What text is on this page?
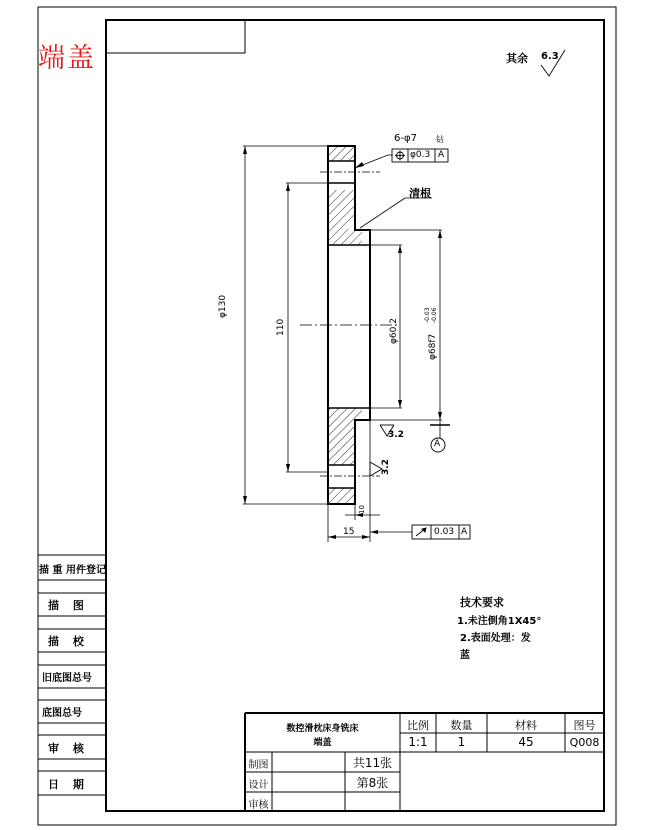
端盖	其余 6.3
6-φ7 钻
φ0.3 A
清根
φ130
110	φ60.2
φ68f7
-0.03 -0.06
3.2
3.2
A
15
10
0.03 A
技术要求
1.未注倒角1X45°
2.表面处理：发
蓝
描 重 用件登记
描 图
描 校
旧底图总号
底图总号
审 核
日 期
数控滑枕床身铣床
端盖
比例	数量	材料	图号
1:1	1	45	Q008
制图
设计
审核
共11张
第8张
